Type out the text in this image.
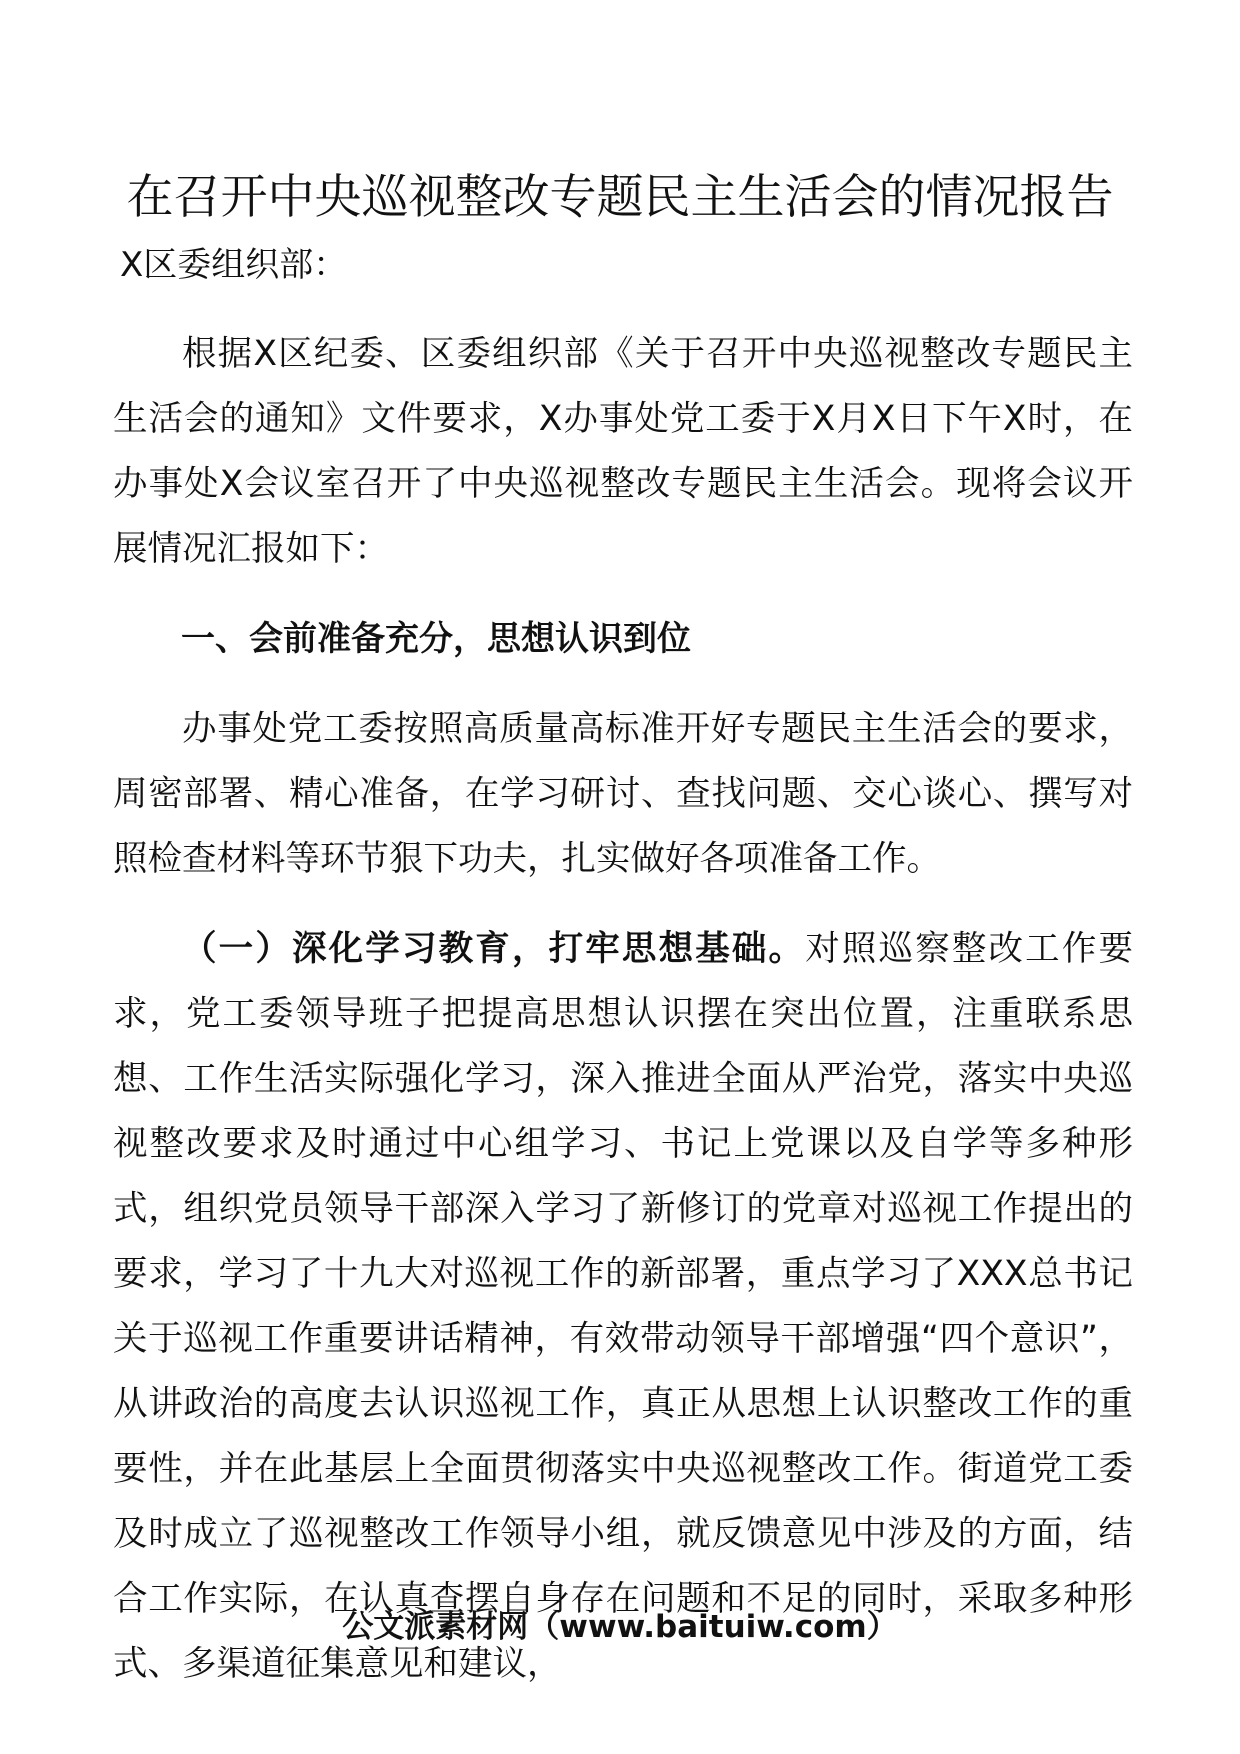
在召开中央巡视整改专题民主生活会的情况报告
X区委组织部：

根据X区纪委、区委组织部《关于召开中央巡视整改专题民主生活会的通知》文件要求，X办事处党工委于X月X日下午X时，在办事处X会议室召开了中央巡视整改专题民主生活会。现将会议开展情况汇报如下：

一、会前准备充分，思想认识到位

办事处党工委按照高质量高标准开好专题民主生活会的要求，周密部署、精心准备，在学习研讨、查找问题、交心谈心、撰写对照检查材料等环节狠下功夫，扎实做好各项准备工作。

（一）深化学习教育，打牢思想基础。对照巡察整改工作要求，党工委领导班子把提高思想认识摆在突出位置，注重联系思想、工作生活实际强化学习，深入推进全面从严治党，落实中央巡视整改要求及时通过中心组学习、书记上党课以及自学等多种形式，组织党员领导干部深入学习了新修订的党章对巡视工作提出的要求，学习了十九大对巡视工作的新部署，重点学习了XXX总书记关于巡视工作重要讲话精神，有效带动领导干部增强“四个意识”，从讲政治的高度去认识巡视工作，真正从思想上认识整改工作的重要性，并在此基层上全面贯彻落实中央巡视整改工作。街道党工委及时成立了巡视整改工作领导小组，就反馈意见中涉及的方面，结合工作实际，在认真查摆自身存在问题和不足的同时，采取多种形式、多渠道征集意见和建议，

公文派素材网（www.baituiw.com）
